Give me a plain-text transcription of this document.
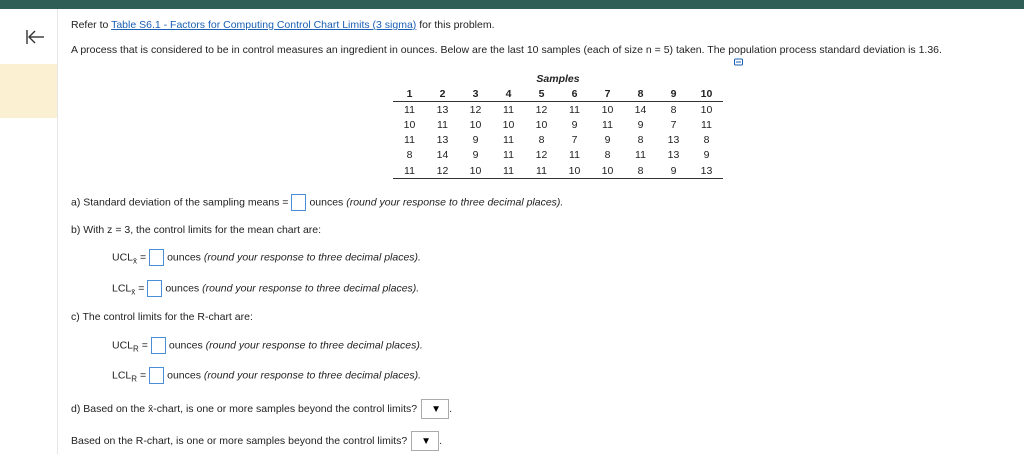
Refer to Table S6.1 - Factors for Computing Control Chart Limits (3 sigma) for this problem.
A process that is considered to be in control measures an ingredient in ounces. Below are the last 10 samples (each of size n = 5) taken. The population process standard deviation is 1.36.
Samples									
1	2	3	4	5	6	7	8	9	10
11	13	12	11	12	11	10	14	8	10
10	11	10	10	10	9	11	9	7	11
11	13	9	11	8	7	9	8	13	8
8	14	9	11	12	11	8	11	13	9
11	12	10	11	11	10	10	8	9	13
a) Standard deviation of the sampling means = ounces (round your response to three decimal places).
b) With z = 3, the control limits for the mean chart are:
$UCL_{x̄}$ = ounces (round your response to three decimal places).
$LCL_{x̄}$ = ounces (round your response to three decimal places).
c) The control limits for the R-chart are:
$UCL_R$ = ounces (round your response to three decimal places).
$LCL_R$ = ounces (round your response to three decimal places).
d) Based on the x̄-chart, is one or more samples beyond the control limits? ▼ .
Based on the R-chart, is one or more samples beyond the control limits? ▼ .
